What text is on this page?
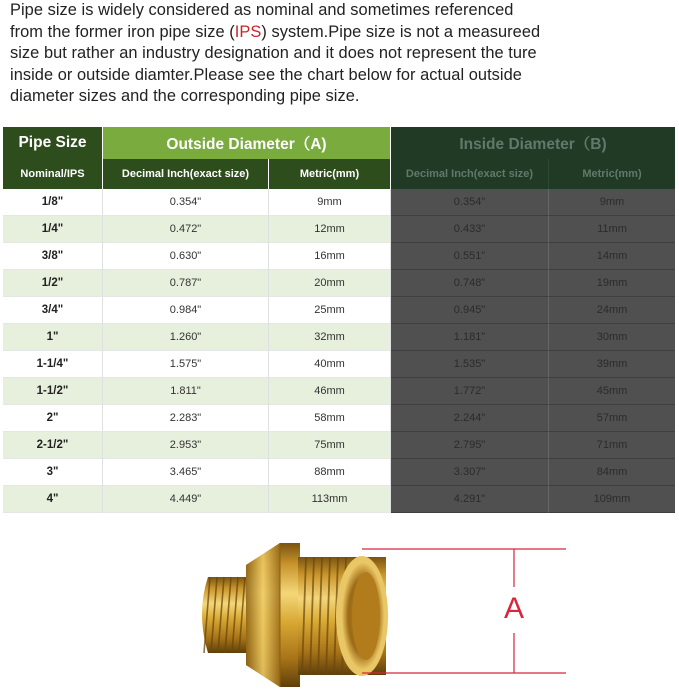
Pipe size is widely considered as nominal and sometimes referenced
from the former iron pipe size (IPS) system.Pipe size is not a measureed
size but rather an industry designation and it does not represent the ture
inside or outside diamter.Please see the chart below for actual outside
diameter sizes and the corresponding pipe size.
Pipe Size	Outside Diameter（A)	Inside Diameter（B)
Nominal/IPS	Decimal Inch(exact size)	Metric(mm)	Decimal Inch(exact size)	Metric(mm)
1/8"	0.354"	9mm	0.354"	9mm
1/4"	0.472"	12mm	0.433"	11mm
3/8"	0.630"	16mm	0.551"	14mm
1/2"	0.787"	20mm	0.748"	19mm
3/4"	0.984"	25mm	0.945"	24mm
1"	1.260"	32mm	1.181"	30mm
1-1/4"	1.575"	40mm	1.535"	39mm
1-1/2"	1.811"	46mm	1.772"	45mm
2"	2.283"	58mm	2.244"	57mm
2-1/2"	2.953"	75mm	2.795"	71mm
3"	3.465"	88mm	3.307"	84mm
4"	4.449"	113mm	4.291"	109mm
A
